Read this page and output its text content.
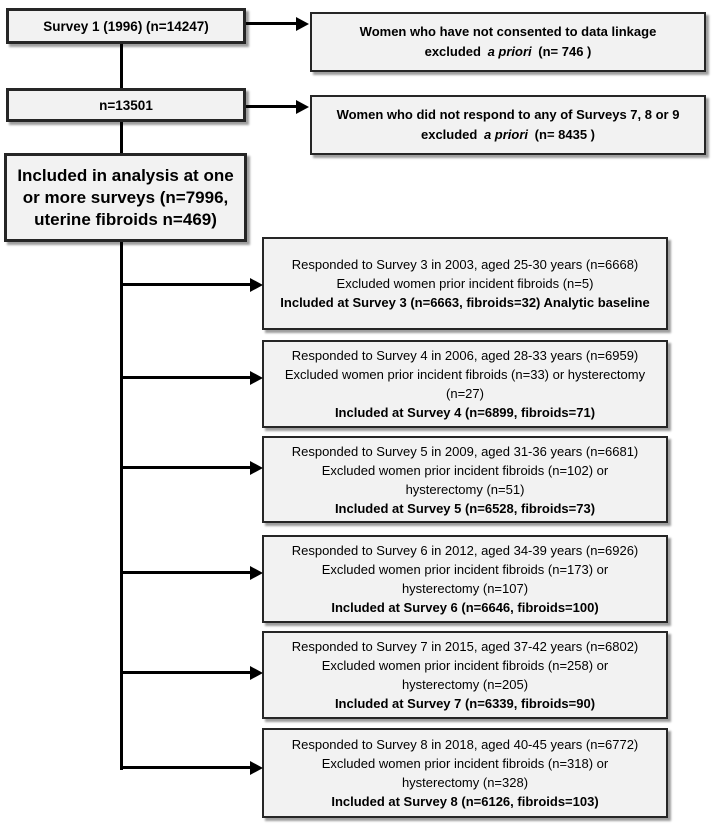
Survey 1 (1996) (n=14247)
n=13501
Included in analysis at one or more surveys (n=7996, uterine fibroids n=469)
Women who have not consented to data linkage
excluded a priori (n= 746 )
Women who did not respond to any of Surveys 7, 8 or 9
excluded a priori (n= 8435 )
Responded to Survey 3 in 2003, aged 25-30 years (n=6668)
Excluded women prior incident fibroids (n=5)
Included at Survey 3 (n=6663, fibroids=32) Analytic baseline
Responded to Survey 4 in 2006, aged 28-33 years (n=6959)
Excluded women prior incident fibroids (n=33) or hysterectomy (n=27)
Included at Survey 4 (n=6899, fibroids=71)
Responded to Survey 5 in 2009, aged 31-36 years (n=6681)
Excluded women prior incident fibroids (n=102) or hysterectomy (n=51)
Included at Survey 5 (n=6528, fibroids=73)
Responded to Survey 6 in 2012, aged 34-39 years (n=6926)
Excluded women prior incident fibroids (n=173) or hysterectomy (n=107)
Included at Survey 6 (n=6646, fibroids=100)
Responded to Survey 7 in 2015, aged 37-42 years (n=6802)
Excluded women prior incident fibroids (n=258) or hysterectomy (n=205)
Included at Survey 7 (n=6339, fibroids=90)
Responded to Survey 8 in 2018, aged 40-45 years (n=6772)
Excluded women prior incident fibroids (n=318) or hysterectomy (n=328)
Included at Survey 8 (n=6126, fibroids=103)
